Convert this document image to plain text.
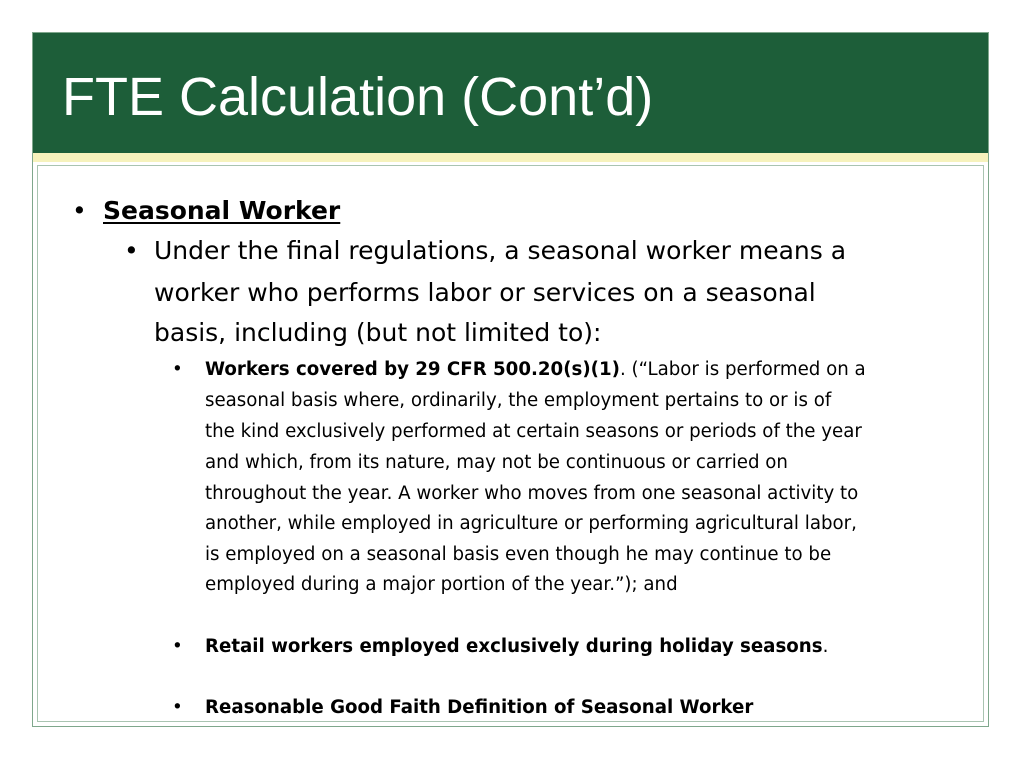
FTE Calculation (Cont’d)
• Seasonal Worker
• Under the final regulations, a seasonal worker means a
worker who performs labor or services on a seasonal
basis, including (but not limited to):
• Workers covered by 29 CFR 500.20(s)(1). (“Labor is performed on a
seasonal basis where, ordinarily, the employment pertains to or is of
the kind exclusively performed at certain seasons or periods of the year
and which, from its nature, may not be continuous or carried on
throughout the year. A worker who moves from one seasonal activity to
another, while employed in agriculture or performing agricultural labor,
is employed on a seasonal basis even though he may continue to be
employed during a major portion of the year.”); and
• Retail workers employed exclusively during holiday seasons.
• Reasonable Good Faith Definition of Seasonal Worker
